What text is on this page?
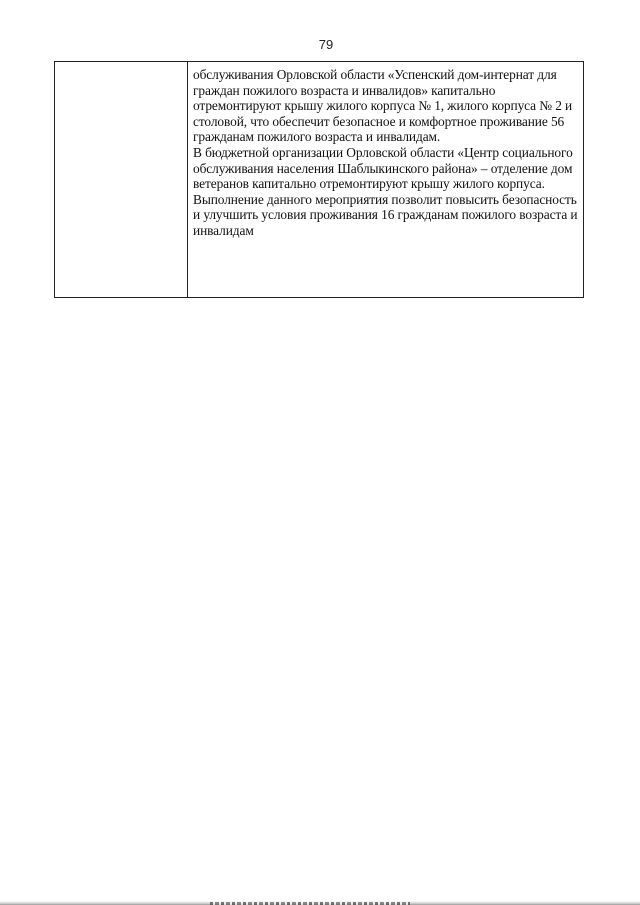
79

обслуживания Орловской области «Успенский дом-интернат для граждан пожилого возраста и инвалидов» капитально отремонтируют крышу жилого корпуса № 1, жилого корпуса № 2 и столовой, что обеспечит безопасное и комфортное проживание 56 гражданам пожилого возраста и инвалидам.

В бюджетной организации Орловской области «Центр социального обслуживания населения Шаблыкинского района» – отделение дом ветеранов капитально отремонтируют крышу жилого корпуса. Выполнение данного мероприятия позволит повысить безопасность и улучшить условия проживания 16 гражданам пожилого возраста и инвалидам
